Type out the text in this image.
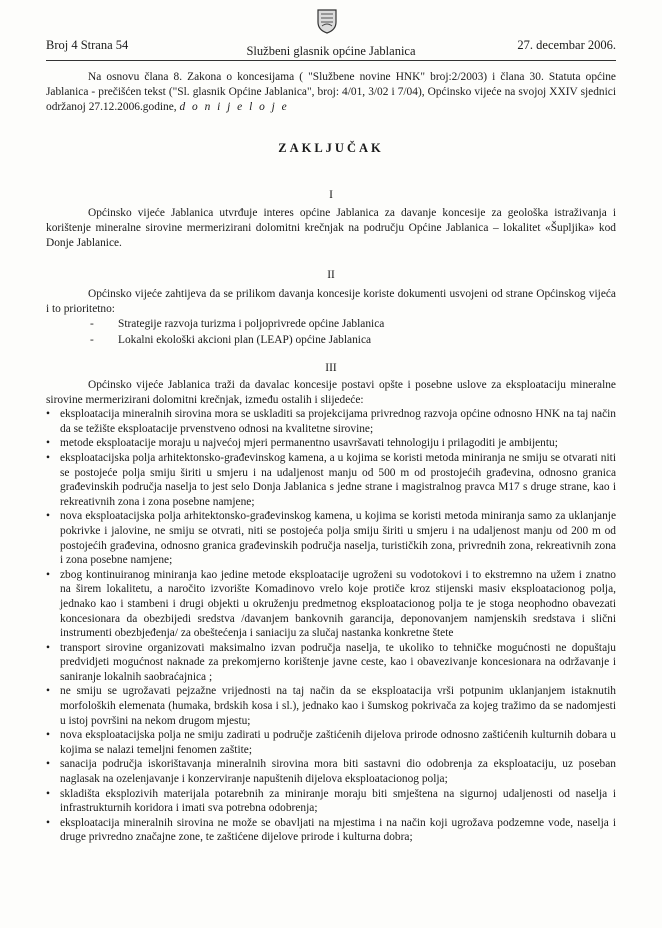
Broj 4 Strana 54	Službeni glasnik općine Jablanica	27. decembar 2006.
Na osnovu člana 8. Zakona o koncesijama ( "Službene novine HNK" broj:2/2003) i člana 30. Statuta općine Jablanica - prečišćen tekst ("Sl. glasnik Općine Jablanica", broj: 4/01, 3/02 i 7/04), Općinsko vijeće na svojoj XXIV sjednici održanoj 27.12.2006.godine, d o n i j e l o j e
ZAKLJUČAK
I
Općinsko vijeće Jablanica utvrđuje interes općine Jablanica za davanje koncesije za geološka istraživanja i korištenje mineralne sirovine mermerizirani dolomitni krečnjak na području Općine Jablanica – lokalitet «Šupljika» kod Donje Jablanice.
II
Općinsko vijeće zahtijeva da se prilikom davanja koncesije koriste dokumenti usvojeni od strane Općinskog vijeća i to prioritetno:
- Strategije razvoja turizma i poljoprivrede općine Jablanica
- Lokalni ekološki akcioni plan (LEAP) općine Jablanica
III
Općinsko vijeće Jablanica traži da davalac koncesije postavi opšte i posebne uslove za eksploataciju mineralne sirovine mermerizirani dolomitni krečnjak, između ostalih i slijedeće:
• eksploatacija mineralnih sirovina mora se uskladiti sa projekcijama privrednog razvoja općine odnosno HNK na taj način da se težište eksploatacije prvenstveno odnosi na kvalitetne sirovine;
• metode eksploatacije moraju u najvećoj mjeri permanentno usavršavati tehnologiju i prilagoditi je ambijentu;
• eksploatacijska polja arhitektonsko-građevinskog kamena, a u kojima se koristi metoda miniranja ne smiju se otvarati niti se postojeće polja smiju širiti u smjeru i na udaljenost manju od 500 m od prostojećih građevina, odnosno granica građevinskih područja naselja to jest selo Donja Jablanica s jedne strane i magistralnog pravca M17 s druge strane, kao i rekreativnih zona i zona posebne namjene;
• nova eksploatacijska polja arhitektonsko-građevinskog kamena, u kojima se koristi metoda miniranja samo za uklanjanje pokrivke i jalovine, ne smiju se otvrati, niti se postojeća polja smiju širiti u smjeru i na udaljenost manju od 200 m od postojećih građevina, odnosno granica građevinskih područja naselja, turističkih zona, privrednih zona, rekreativnih zona i zona posebne namjene;
• zbog kontinuiranog miniranja kao jedine metode eksploatacije ugroženi su vodotokovi i to ekstremno na užem i znatno na širem lokalitetu, a naročito izvorište Komadinovo vrelo koje protiče kroz stijenski masiv eksploatacionog polja, jednako kao i stambeni i drugi objekti u okruženju predmetnog eksploatacionog polja te je stoga neophodno obavezati koncesionara da obezbijedi sredstva /davanjem bankovnih garancija, deponovanjem namjenskih sredstava i slični instrumenti obezbjeđenja/ za obeštećenja i saniaciju za slučaj nastanka konkretne štete
• transport sirovine organizovati maksimalno izvan područja naselja, te ukoliko to tehničke mogućnosti ne dopuštaju predvidjeti mogućnost naknade za prekomjerno korištenje javne ceste, kao i obavezivanje koncesionara na održavanje i saniranje lokalnih saobraćajnica ;
• ne smiju se ugrožavati pejzažne vrijednosti na taj način da se eksploatacija vrši potpunim uklanjanjem istaknutih morfoloških elemenata (humaka, brdskih kosa i sl.), jednako kao i šumskog pokrivača za kojeg tražimo da se nadomjesti u istoj površini na nekom drugom mjestu;
• nova eksploatacijska polja ne smiju zadirati u područje zaštićenih dijelova prirode odnosno zaštićenih kulturnih dobara u kojima se nalazi temeljni fenomen zaštite;
• sanacija područja iskorištavanja mineralnih sirovina mora biti sastavni dio odobrenja za eksploataciju, uz poseban naglasak na ozelenjavanje i konzerviranje napuštenih dijelova eksploatacionog polja;
• skladišta eksplozivih materijala potarebnih za miniranje moraju biti smještena na sigurnoj udaljenosti od naselja i infrastrukturnih koridora i imati sva potrebna odobrenja;
• eksploatacija mineralnih sirovina ne može se obavljati na mjestima i na način koji ugrožava podzemne vode, naselja i druge privredno značajne zone, te zaštićene dijelove prirode i kulturna dobra;
